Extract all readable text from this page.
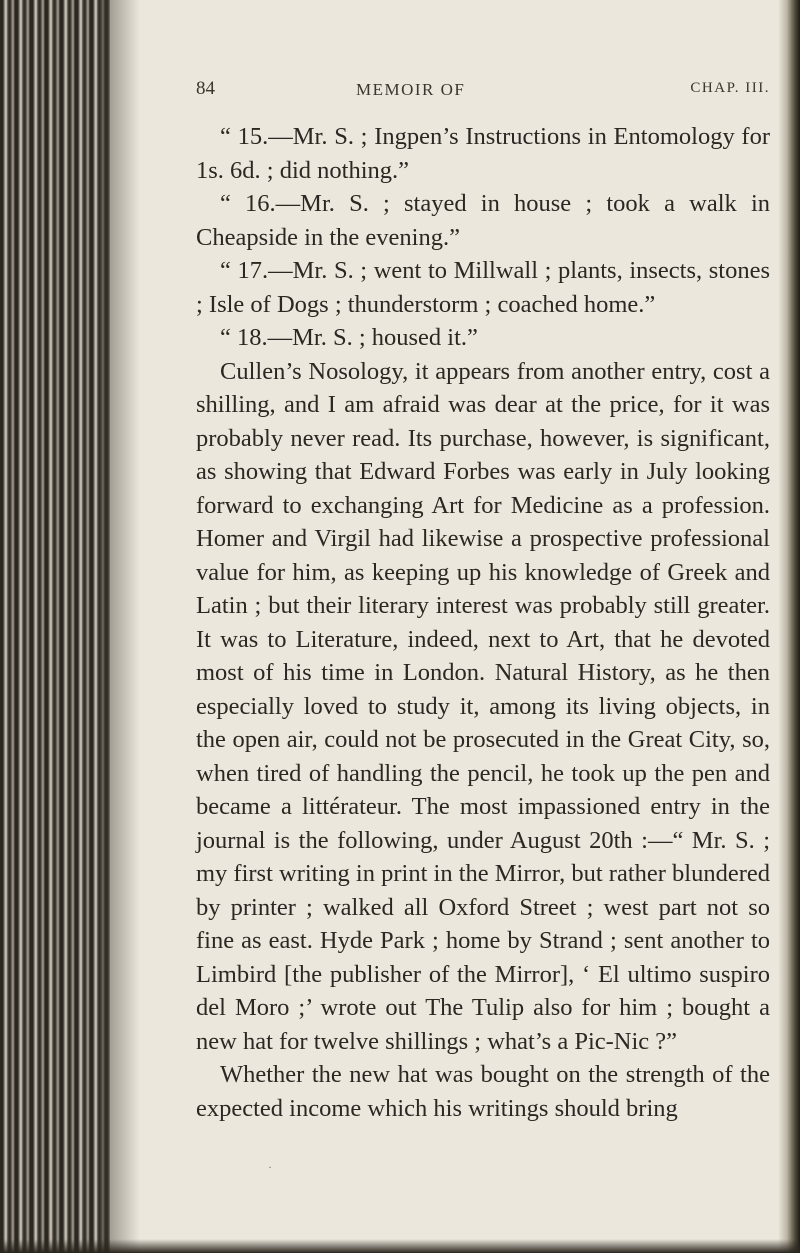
84	MEMOIR OF	CHAP. III.

“ 15.—Mr. S. ; Ingpen’s Instructions in Entomology for 1s. 6d. ; did nothing.”

“ 16.—Mr. S. ; stayed in house ; took a walk in Cheapside in the evening.”

“ 17.—Mr. S. ; went to Millwall ; plants, insects, stones ; Isle of Dogs ; thunderstorm ; coached home.”

“ 18.—Mr. S. ; housed it.”

Cullen’s Nosology, it appears from another entry, cost a shilling, and I am afraid was dear at the price, for it was probably never read. Its purchase, however, is significant, as showing that Edward Forbes was early in July looking forward to exchanging Art for Medicine as a profession. Homer and Virgil had likewise a prospective professional value for him, as keeping up his knowledge of Greek and Latin ; but their literary interest was probably still greater. It was to Literature, indeed, next to Art, that he devoted most of his time in London. Natural History, as he then especially loved to study it, among its living objects, in the open air, could not be prosecuted in the Great City, so, when tired of handling the pencil, he took up the pen and became a littérateur. The most impassioned entry in the journal is the following, under August 20th :—“ Mr. S. ; my first writing in print in the Mirror, but rather blundered by printer ; walked all Oxford Street ; west part not so fine as east. Hyde Park ; home by Strand ; sent another to Limbird [the publisher of the Mirror], ‘ El ultimo suspiro del Moro ;’ wrote out The Tulip also for him ; bought a new hat for twelve shillings ; what’s a Pic-Nic ?”

Whether the new hat was bought on the strength of the expected income which his writings should bring

·
